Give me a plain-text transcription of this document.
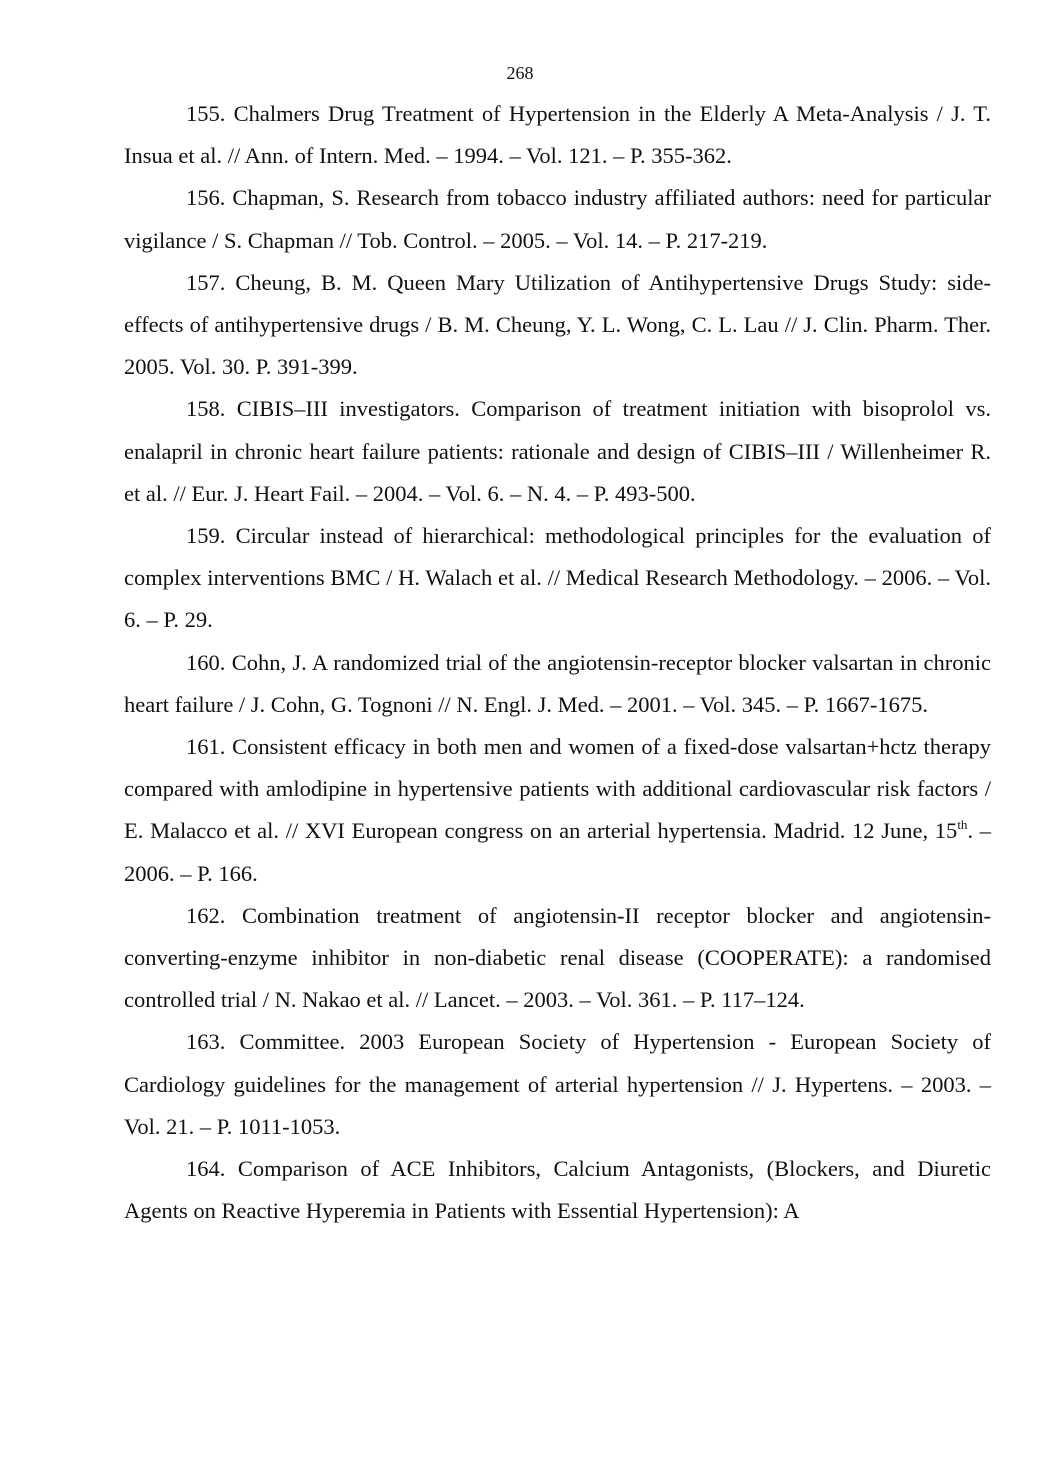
268

155. Chalmers Drug Treatment of Hypertension in the Elderly A Meta-Analysis / J. T. Insua et al. // Ann. of Intern. Med. – 1994. – Vol. 121. – P. 355-362.

156. Chapman, S. Research from tobacco industry affiliated authors: need for particular vigilance / S. Chapman // Tob. Control. – 2005. – Vol. 14. – P. 217-219.

157. Cheung, B. M. Queen Mary Utilization of Antihypertensive Drugs Study: side-effects of antihypertensive drugs / B. M. Cheung, Y. L. Wong, C. L. Lau // J. Clin. Pharm. Ther. 2005. Vol. 30. P. 391-399.

158. CIBIS–III investigators. Comparison of treatment initiation with bisoprolol vs. enalapril in chronic heart failure patients: rationale and design of CIBIS–III / Willenheimer R. et al. // Eur. J. Heart Fail. – 2004. – Vol. 6. – N. 4. – P. 493-500.

159. Circular instead of hierarchical: methodological principles for the evaluation of complex interventions BMC / H. Walach et al. // Medical Research Methodology. – 2006. – Vol. 6. – P. 29.

160. Cohn, J. A randomized trial of the angiotensin-receptor blocker valsartan in chronic heart failure / J. Cohn, G. Tognoni // N. Engl. J. Med. – 2001. – Vol. 345. – P. 1667-1675.

161. Consistent efficacy in both men and women of a fixed-dose valsartan+hctz therapy compared with amlodipine in hypertensive patients with additional cardiovascular risk factors / E. Malacco et al. // XVI European congress on an arterial hypertensia. Madrid. 12 June, 15th. – 2006. – P. 166.

162. Combination treatment of angiotensin-II receptor blocker and angiotensin-converting-enzyme inhibitor in non-diabetic renal disease (COOPERATE): a randomised controlled trial / N. Nakao et al. // Lancet. – 2003. – Vol. 361. – P. 117–124.

163. Committee. 2003 European Society of Hypertension - European Society of Cardiology guidelines for the management of arterial hypertension // J. Hypertens. – 2003. – Vol. 21. – P. 1011-1053.

164. Comparison of ACE Inhibitors, Calcium Antagonists, (Blockers, and Diuretic Agents on Reactive Hyperemia in Patients with Essential Hypertension): A
